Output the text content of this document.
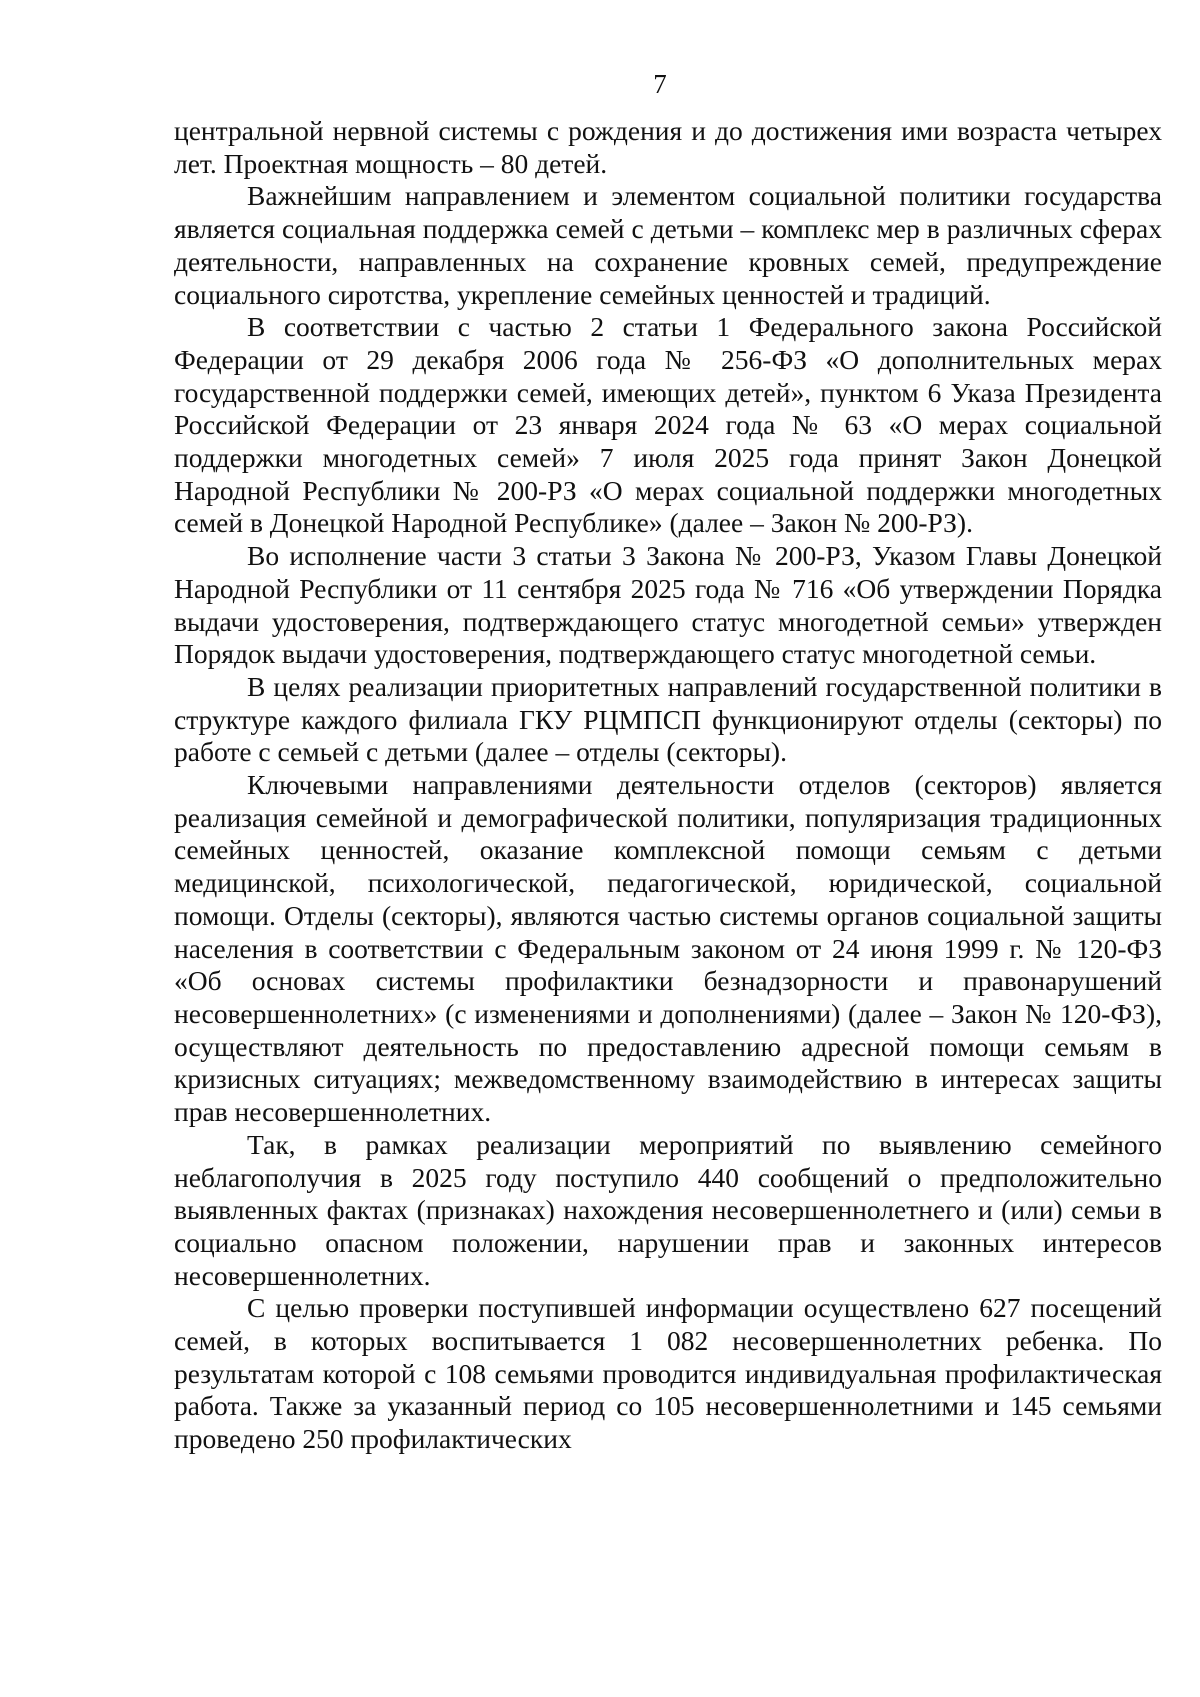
7

центральной нервной системы с рождения и до достижения ими возраста четырех лет. Проектная мощность – 80 детей.

Важнейшим направлением и элементом социальной политики государства является социальная поддержка семей с детьми – комплекс мер в различных сферах деятельности, направленных на сохранение кровных семей, предупреждение социального сиротства, укрепление семейных ценностей и традиций.

В соответствии с частью 2 статьи 1 Федерального закона Российской Федерации от 29 декабря 2006 года № 256-ФЗ «О дополнительных мерах государственной поддержки семей, имеющих детей», пунктом 6 Указа Президента Российской Федерации от 23 января 2024 года № 63 «О мерах социальной поддержки многодетных семей» 7 июля 2025 года принят Закон Донецкой Народной Республики № 200-РЗ «О мерах социальной поддержки многодетных семей в Донецкой Народной Республике» (далее – Закон № 200-РЗ).

Во исполнение части 3 статьи 3 Закона № 200-РЗ, Указом Главы Донецкой Народной Республики от 11 сентября 2025 года № 716 «Об утверждении Порядка выдачи удостоверения, подтверждающего статус многодетной семьи» утвержден Порядок выдачи удостоверения, подтверждающего статус многодетной семьи.

В целях реализации приоритетных направлений государственной политики в структуре каждого филиала ГКУ РЦМПСП функционируют отделы (секторы) по работе с семьей с детьми (далее – отделы (секторы).

Ключевыми направлениями деятельности отделов (секторов) является реализация семейной и демографической политики, популяризация традиционных семейных ценностей, оказание комплексной помощи семьям с детьми медицинской, психологической, педагогической, юридической, социальной помощи. Отделы (секторы), являются частью системы органов социальной защиты населения в соответствии с Федеральным законом от 24 июня 1999 г. № 120-ФЗ «Об основах системы профилактики безнадзорности и правонарушений несовершеннолетних» (с изменениями и дополнениями) (далее – Закон № 120-ФЗ), осуществляют деятельность по предоставлению адресной помощи семьям в кризисных ситуациях; межведомственному взаимодействию в интересах защиты прав несовершеннолетних.

Так, в рамках реализации мероприятий по выявлению семейного неблагополучия в 2025 году поступило 440 сообщений о предположительно выявленных фактах (признаках) нахождения несовершеннолетнего и (или) семьи в социально опасном положении, нарушении прав и законных интересов несовершеннолетних.

С целью проверки поступившей информации осуществлено 627 посещений семей, в которых воспитывается 1 082 несовершеннолетних ребенка. По результатам которой с 108 семьями проводится индивидуальная профилактическая работа. Также за указанный период со 105 несовершеннолетними и 145 семьями проведено 250 профилактических
